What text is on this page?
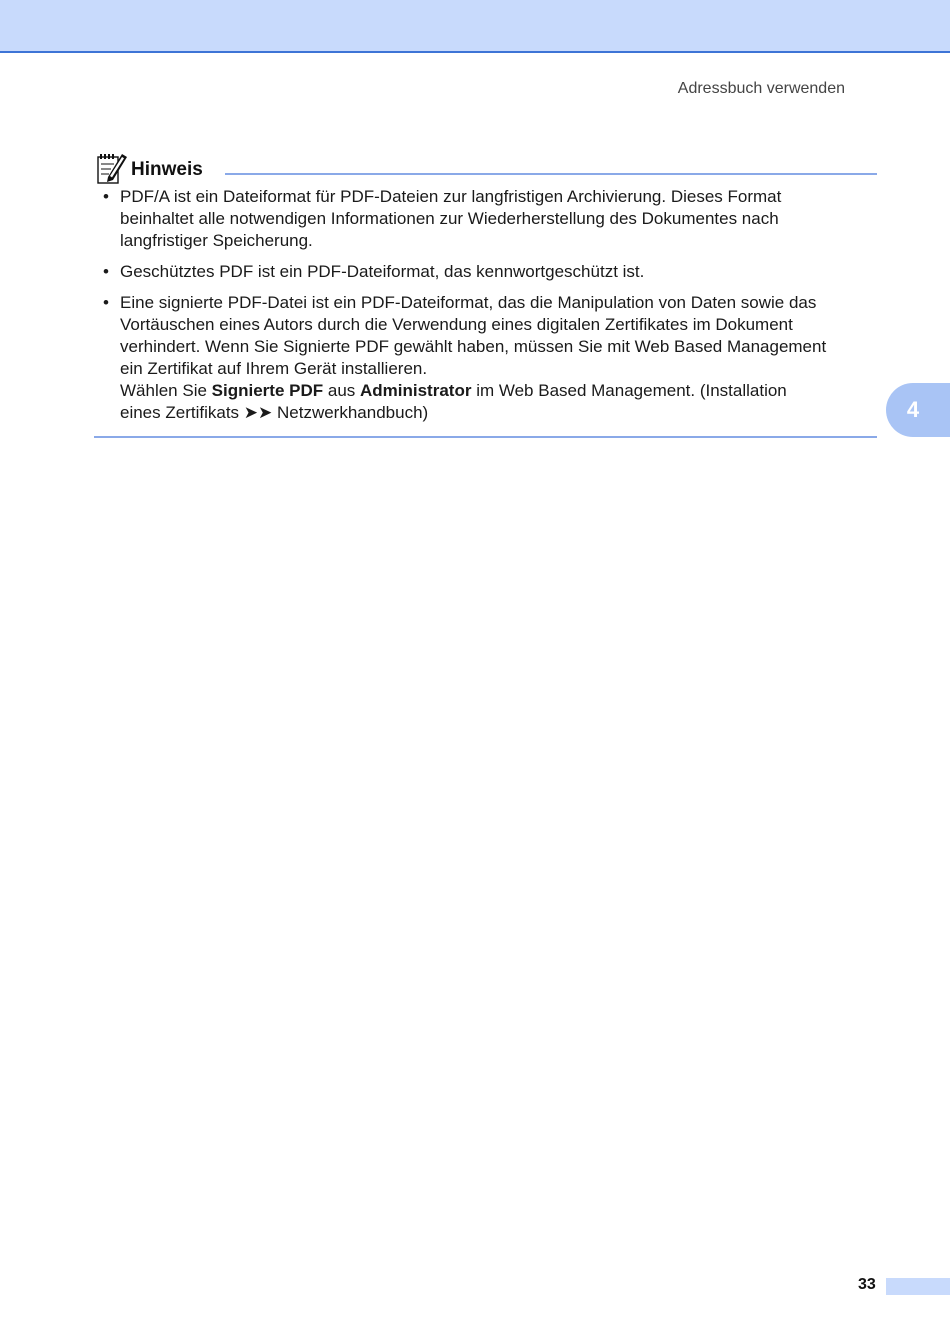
Adressbuch verwenden
Hinweis
• PDF/A ist ein Dateiformat für PDF-Dateien zur langfristigen Archivierung. Dieses Format
beinhaltet alle notwendigen Informationen zur Wiederherstellung des Dokumentes nach
langfristiger Speicherung.
• Geschütztes PDF ist ein PDF-Dateiformat, das kennwortgeschützt ist.
• Eine signierte PDF-Datei ist ein PDF-Dateiformat, das die Manipulation von Daten sowie das
Vortäuschen eines Autors durch die Verwendung eines digitalen Zertifikates im Dokument
verhindert. Wenn Sie Signierte PDF gewählt haben, müssen Sie mit Web Based Management
ein Zertifikat auf Ihrem Gerät installieren.
Wählen Sie Signierte PDF aus Administrator im Web Based Management. (Installation
eines Zertifikats ➤➤ Netzwerkhandbuch)	4
33
